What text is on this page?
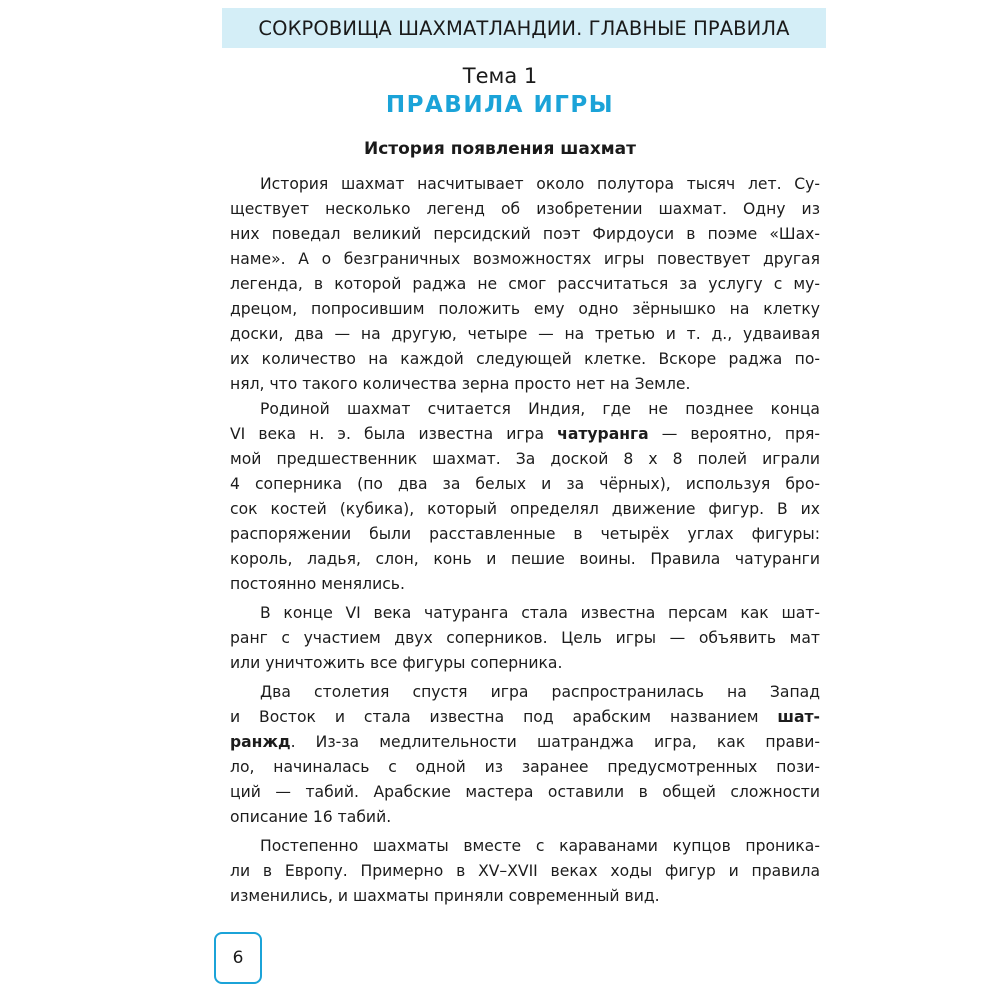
СОКРОВИЩА ШАХМАТЛАНДИИ. ГЛАВНЫЕ ПРАВИЛА
Тема 1
ПРАВИЛА ИГРЫ
История появления шахмат
История шахмат насчитывает около полутора тысяч лет. Су-
ществует несколько легенд об изобретении шахмат. Одну из
них поведал великий персидский поэт Фирдоуси в поэме «Шах-
наме». А о безграничных возможностях игры повествует другая
легенда, в которой раджа не смог рассчитаться за услугу с му-
дрецом, попросившим положить ему одно зёрнышко на клетку
доски, два — на другую, четыре — на третью и т. д., удваивая
их количество на каждой следующей клетке. Вскоре раджа по-
нял, что такого количества зерна просто нет на Земле.
Родиной шахмат считается Индия, где не позднее конца
VI века н. э. была известна игра чатуранга — вероятно, пря-
мой предшественник шахмат. За доской 8 х 8 полей играли
4 соперника (по два за белых и за чёрных), используя бро-
сок костей (кубика), который определял движение фигур. В их
распоряжении были расставленные в четырёх углах фигуры:
король, ладья, слон, конь и пешие воины. Правила чатуранги
постоянно менялись.
В конце VI века чатуранга стала известна персам как шат-
ранг с участием двух соперников. Цель игры — объявить мат
или уничтожить все фигуры соперника.
Два столетия спустя игра распространилась на Запад
и Восток и стала известна под арабским названием шат-
ранжд. Из-за медлительности шатранджа игра, как прави-
ло, начиналась с одной из заранее предусмотренных пози-
ций — табий. Арабские мастера оставили в общей сложности
описание 16 табий.
Постепенно шахматы вместе с караванами купцов проника-
ли в Европу. Примерно в XV–XVII веках ходы фигур и правила
изменились, и шахматы приняли современный вид.
6
